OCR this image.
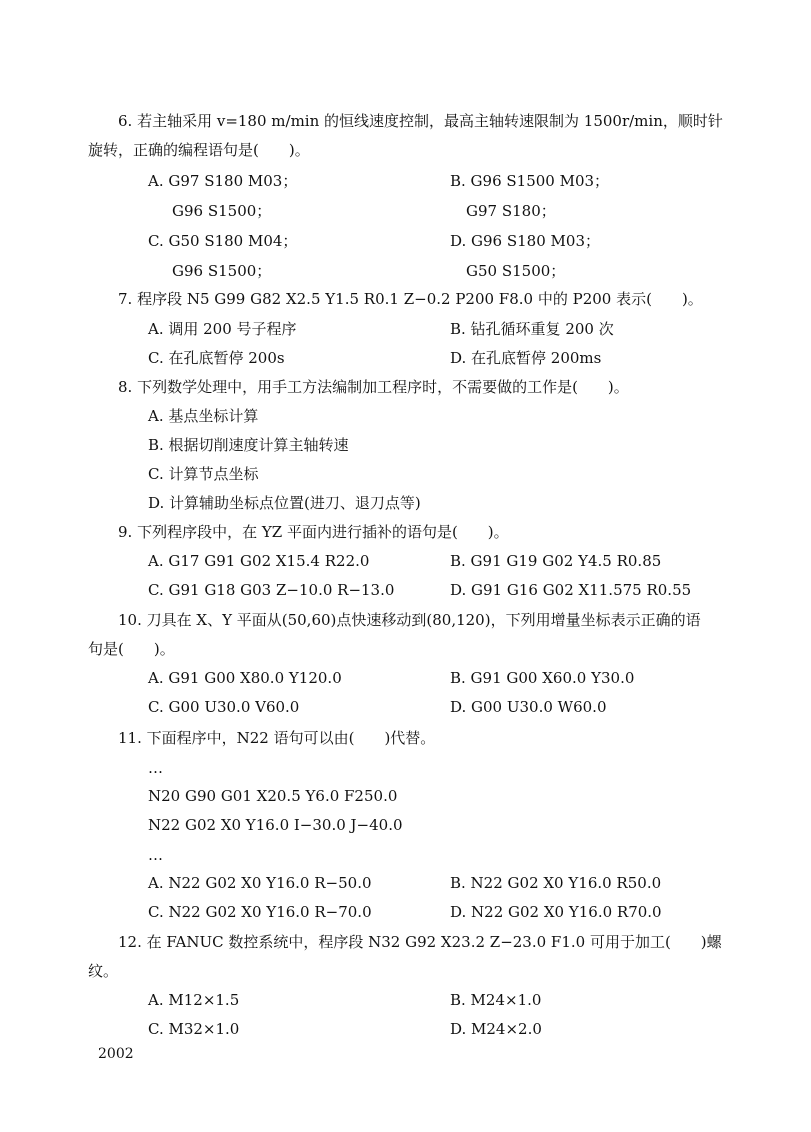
6. 若主轴采用 v=180 m/min 的恒线速度控制，最高主轴转速限制为 1500r/min，顺时针
旋转，正确的编程语句是(　　)。
A. G97 S180 M03；	B. G96 S1500 M03；
G96 S1500；	G97 S180；
C. G50 S180 M04；	D. G96 S180 M03；
G96 S1500；	G50 S1500；
7. 程序段 N5 G99 G82 X2.5 Y1.5 R0.1 Z−0.2 P200 F8.0 中的 P200 表示(　　)。
A. 调用 200 号子程序	B. 钻孔循环重复 200 次
C. 在孔底暂停 200s	D. 在孔底暂停 200ms
8. 下列数学处理中，用手工方法编制加工程序时，不需要做的工作是(　　)。
A. 基点坐标计算
B. 根据切削速度计算主轴转速
C. 计算节点坐标
D. 计算辅助坐标点位置(进刀、退刀点等)
9. 下列程序段中，在 YZ 平面内进行插补的语句是(　　)。
A. G17 G91 G02 X15.4 R22.0	B. G91 G19 G02 Y4.5 R0.85
C. G91 G18 G03 Z−10.0 R−13.0	D. G91 G16 G02 X11.575 R0.55
10. 刀具在 X、Y 平面从(50,60)点快速移动到(80,120)，下列用增量坐标表示正确的语
句是(　　)。
A. G91 G00 X80.0 Y120.0	B. G91 G00 X60.0 Y30.0
C. G00 U30.0 V60.0	D. G00 U30.0 W60.0
11. 下面程序中，N22 语句可以由(　　)代替。
…
N20 G90 G01 X20.5 Y6.0 F250.0
N22 G02 X0 Y16.0 I−30.0 J−40.0
…
A. N22 G02 X0 Y16.0 R−50.0	B. N22 G02 X0 Y16.0 R50.0
C. N22 G02 X0 Y16.0 R−70.0	D. N22 G02 X0 Y16.0 R70.0
12. 在 FANUC 数控系统中，程序段 N32 G92 X23.2 Z−23.0 F1.0 可用于加工(　　)螺
纹。
A. M12×1.5	B. M24×1.0
C. M32×1.0	D. M24×2.0
2002
